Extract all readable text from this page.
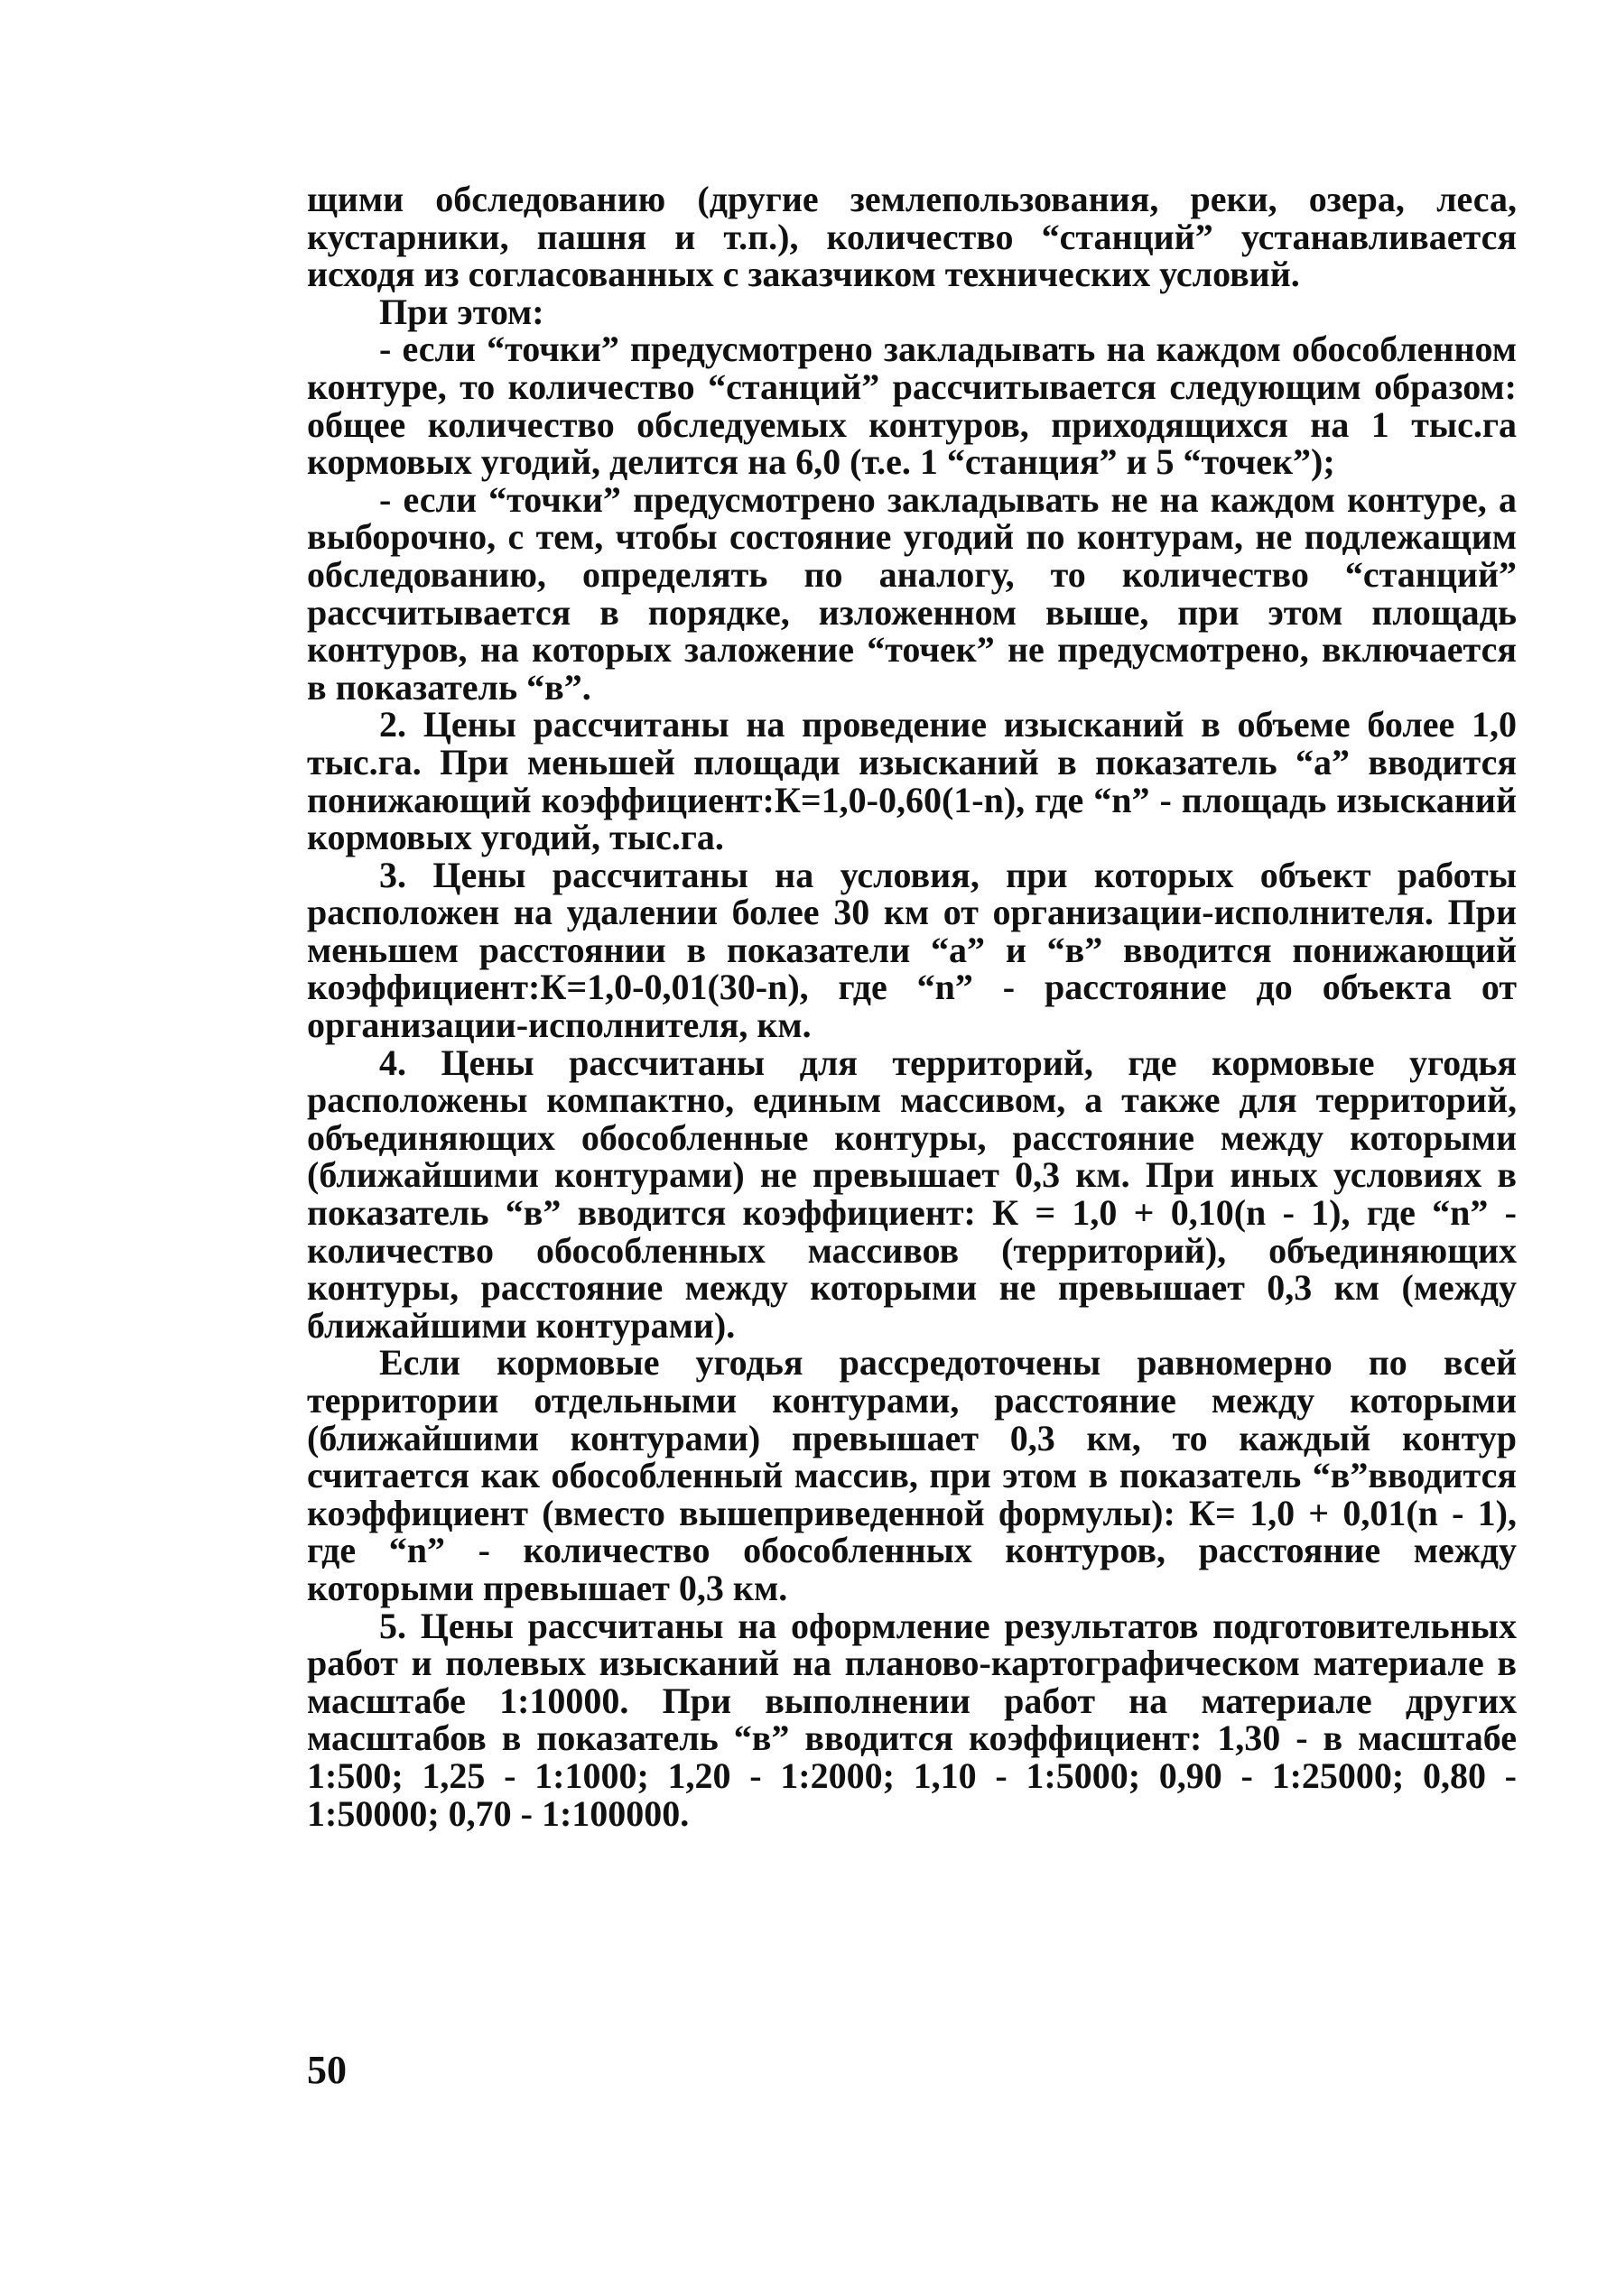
щими обследованию (другие землепользования, реки, озера, леса, кустарники, пашня и т.п.), количество “станций” устанавливается исходя из согласованных с заказчиком технических условий.

При этом:

- если “точки” предусмотрено закладывать на каждом обособленном контуре, то количество “станций” рассчитывается следующим образом: общее количество обследуемых контуров, приходящихся на 1 тыс.га кормовых угодий, делится на 6,0 (т.е. 1 “станция” и 5 “точек”);

- если “точки” предусмотрено закладывать не на каждом контуре, а выборочно, с тем, чтобы состояние угодий по контурам, не подлежащим обследованию, определять по аналогу, то количество “станций” рассчитывается в порядке, изложенном выше, при этом площадь контуров, на которых заложение “точек” не предусмотрено, включается в показатель “в”.

2. Цены рассчитаны на проведение изысканий в объеме более 1,0 тыс.га. При меньшей площади изысканий в показатель “а” вводится понижающий коэффициент:К=1,0-0,60(1-n), где “n” - площадь изысканий кормовых угодий, тыс.га.

3. Цены рассчитаны на условия, при которых объект работы расположен на удалении более 30 км от организации-исполнителя. При меньшем расстоянии в показатели “а” и “в” вводится понижающий коэффициент:К=1,0-0,01(30-n), где “n” - расстояние до объекта от организации-исполнителя, км.

4. Цены рассчитаны для территорий, где кормовые угодья расположены компактно, единым массивом, а также для территорий, объединяющих обособленные контуры, расстояние между которыми (ближайшими контурами) не превышает 0,3 км. При иных условиях в показатель “в” вводится коэффициент: К = 1,0 + 0,10(n - 1), где “n” - количество обособленных массивов (территорий), объединяющих контуры, расстояние между которыми не превышает 0,3 км (между ближайшими контурами).

Если кормовые угодья рассредоточены равномерно по всей территории отдельными контурами, расстояние между которыми (ближайшими контурами) превышает 0,3 км, то каждый контур считается как обособленный массив, при этом в показатель “в”вводится коэффициент (вместо вышеприведенной формулы): К= 1,0 + 0,01(n - 1), где “n” - количество обособленных контуров, расстояние между которыми превышает 0,3 км.

5. Цены рассчитаны на оформление результатов подготовительных работ и полевых изысканий на планово-картографическом материале в масштабе 1:10000. При выполнении работ на материале других масштабов в показатель “в” вводится коэффициент: 1,30 - в масштабе 1:500; 1,25 - 1:1000; 1,20 - 1:2000; 1,10 - 1:5000; 0,90 - 1:25000; 0,80 - 1:50000; 0,70 - 1:100000.

50
